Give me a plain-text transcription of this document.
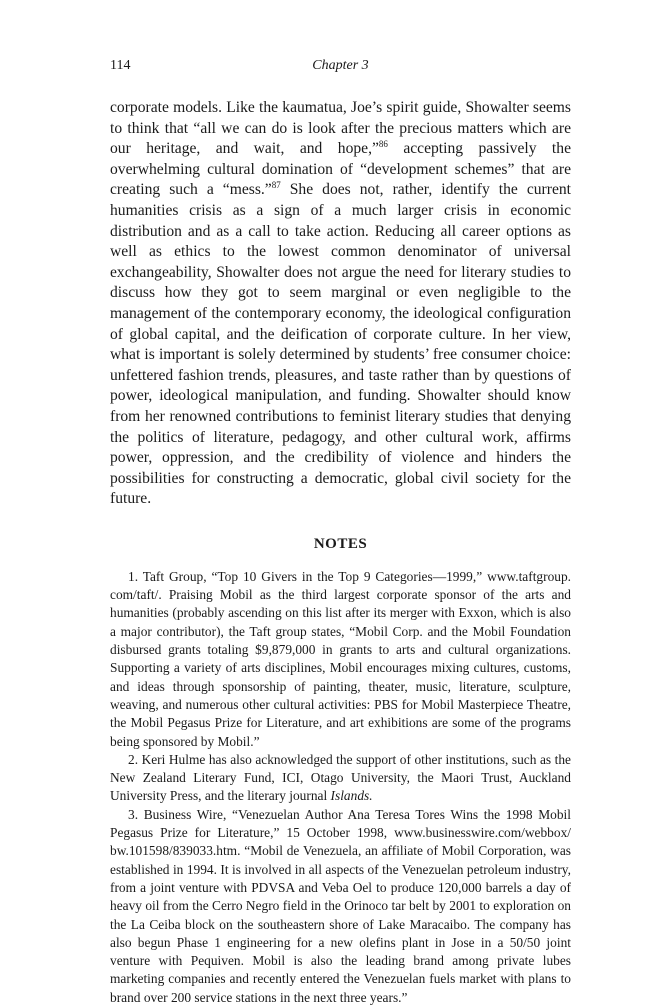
114	Chapter 3

corporate models. Like the kaumatua, Joe’s spirit guide, Showalter seems to think that “all we can do is look after the precious matters which are our heritage, and wait, and hope,”$^{86}$ accepting passively the overwhelming cultural domination of “development schemes” that are creating such a “mess.”$^{87}$ She does not, rather, identify the current humanities crisis as a sign of a much larger crisis in economic distribution and as a call to take action. Reducing all career options as well as ethics to the lowest common denominator of universal exchangeability, Showalter does not argue the need for literary studies to discuss how they got to seem marginal or even negligible to the management of the contemporary economy, the ideological configuration of global capital, and the deification of corporate culture. In her view, what is important is solely determined by students’ free consumer choice: unfettered fashion trends, pleasures, and taste rather than by questions of power, ideological manipulation, and funding. Showalter should know from her renowned contributions to feminist literary studies that denying the politics of literature, pedagogy, and other cultural work, affirms power, oppression, and the credibility of violence and hinders the possibilities for constructing a democratic, global civil society for the future.

NOTES

1. Taft Group, “Top 10 Givers in the Top 9 Categories—1999,” www.taftgroup. com/taft/. Praising Mobil as the third largest corporate sponsor of the arts and humanities (probably ascending on this list after its merger with Exxon, which is also a major contributor), the Taft group states, “Mobil Corp. and the Mobil Foundation disbursed grants totaling $9,879,000 in grants to arts and cultural organizations. Supporting a variety of arts disciplines, Mobil encourages mixing cultures, customs, and ideas through sponsorship of painting, theater, music, literature, sculpture, weaving, and numerous other cultural activities: PBS for Mobil Masterpiece Theatre, the Mobil Pegasus Prize for Literature, and art exhibitions are some of the programs being sponsored by Mobil.”

2. Keri Hulme has also acknowledged the support of other institutions, such as the New Zealand Literary Fund, ICI, Otago University, the Maori Trust, Auckland University Press, and the literary journal Islands.

3. Business Wire, “Venezuelan Author Ana Teresa Tores Wins the 1998 Mobil Pegasus Prize for Literature,” 15 October 1998, www.businesswire.com/webbox/ bw.101598/839033.htm. “Mobil de Venezuela, an affiliate of Mobil Corporation, was established in 1994. It is involved in all aspects of the Venezuelan petroleum industry, from a joint venture with PDVSA and Veba Oel to produce 120,000 barrels a day of heavy oil from the Cerro Negro field in the Orinoco tar belt by 2001 to exploration on the La Ceiba block on the southeastern shore of Lake Maracaibo. The company has also begun Phase 1 engineering for a new olefins plant in Jose in a 50/50 joint venture with Pequiven. Mobil is also the leading brand among private lubes marketing companies and recently entered the Venezuelan fuels market with plans to brand over 200 service stations in the next three years.”
